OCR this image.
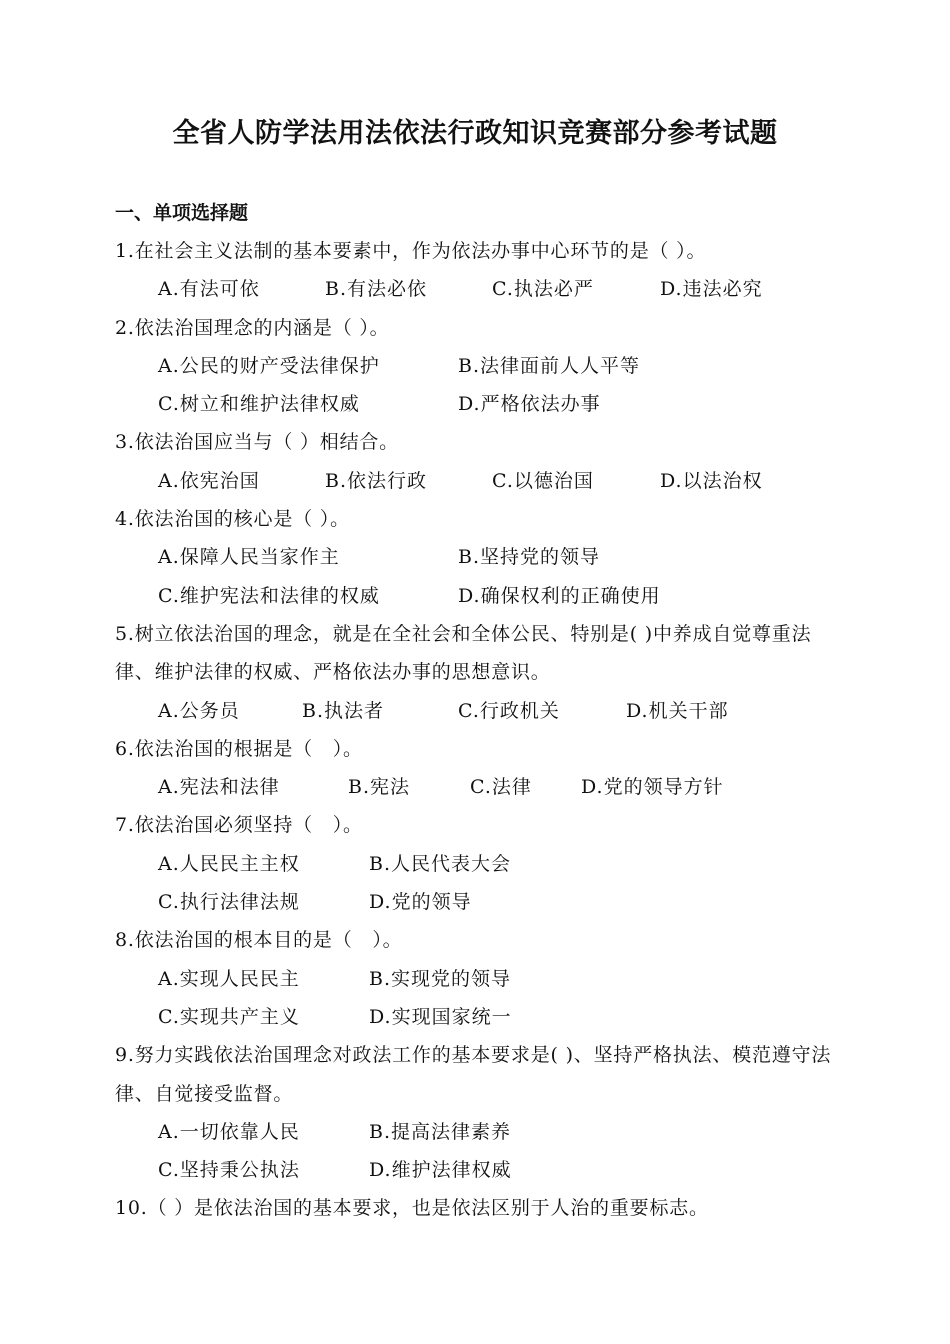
全省人防学法用法依法行政知识竞赛部分参考试题
一、单项选择题
1.在社会主义法制的基本要素中，作为依法办事中心环节的是（ ）。
A.有法可依	B.有法必依	C.执法必严	D.违法必究
2.依法治国理念的内涵是（ ）。
A.公民的财产受法律保护	B.法律面前人人平等
C.树立和维护法律权威	D.严格依法办事
3.依法治国应当与（ ）相结合。
A.依宪治国	B.依法行政	C.以德治国	D.以法治权
4.依法治国的核心是（ ）。
A.保障人民当家作主	B.坚持党的领导
C.维护宪法和法律的权威	D.确保权利的正确使用
5.树立依法治国的理念，就是在全社会和全体公民、特别是( )中养成自觉尊重法律、维护法律的权威、严格依法办事的思想意识。
A.公务员	B.执法者	C.行政机关	D.机关干部
6.依法治国的根据是（　）。
A.宪法和法律	B.宪法	C.法律	D.党的领导方针
7.依法治国必须坚持（　）。
A.人民民主主权	B.人民代表大会
C.执行法律法规	D.党的领导
8.依法治国的根本目的是（　）。
A.实现人民民主	B.实现党的领导
C.实现共产主义	D.实现国家统一
9.努力实践依法治国理念对政法工作的基本要求是( )、坚持严格执法、模范遵守法律、自觉接受监督。
A.一切依靠人民	B.提高法律素养
C.坚持秉公执法	D.维护法律权威
10.（ ）是依法治国的基本要求，也是依法区别于人治的重要标志。
